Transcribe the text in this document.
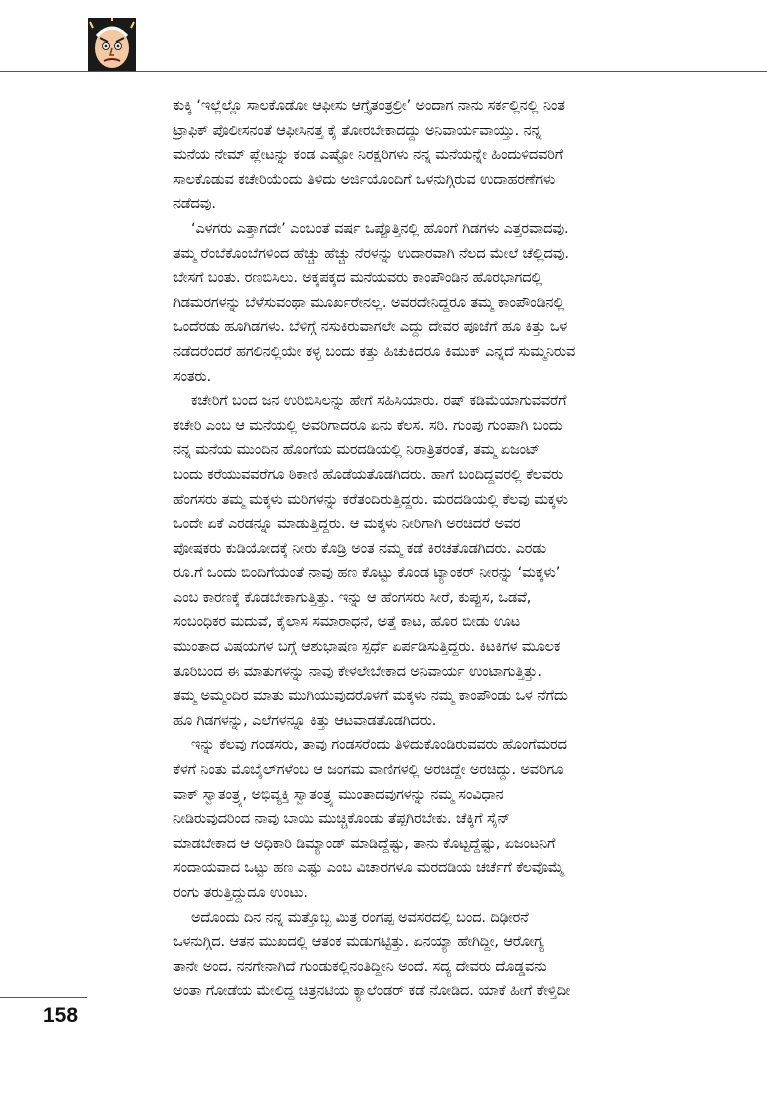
ಕುಕ್ಕಿ ‘ಇಲ್ಲೆಲ್ಲೊ ಸಾಲಕೊಡೋ ಆಫೀಸು ಆಗ್ತೈತಂತ್ರಲ್ರೀ’ ಅಂದಾಗ ನಾನು ಸರ್ಕಲ್ಲಿನಲ್ಲಿ ನಿಂತ
ಟ್ರಾಫಿಕ್ ಪೊಲೀಸನಂತೆ ಆಫೀಸಿನತ್ತ ಕೈ ತೋರಬೇಕಾದದ್ದು ಅನಿವಾರ್ಯವಾಯ್ತು. ನನ್ನ
ಮನೆಯ ನೇಮ್ ಪ್ಲೇಟನ್ನು ಕಂಡ ಎಷ್ಟೋ ನಿರಕ್ಷರಿಗಳು ನನ್ನ ಮನೆಯನ್ನೇ ಹಿಂದುಳಿದವರಿಗೆ
ಸಾಲಕೊಡುವ ಕಚೇರಿಯೆಂದು ತಿಳಿದು ಅರ್ಜಿಯೊಂದಿಗೆ ಒಳನುಗ್ಗಿರುವ ಉದಾಹರಣೆಗಳು
ನಡೆದವು.

‘ಎಳಗರು ಎತ್ತಾಗದೇ’ ಎಂಬಂತೆ ವರ್ಷ ಒಪ್ಪೊತ್ತಿನಲ್ಲಿ ಹೊಂಗೆ ಗಿಡಗಳು ಎತ್ತರವಾದವು.
ತಮ್ಮ ರೆಂಬೆಕೊಂಬೆಗಳಿಂದ ಹೆಚ್ಚು ಹೆಚ್ಚು ನೆರಳನ್ನು ಉದಾರವಾಗಿ ನೆಲದ ಮೇಲೆ ಚೆಲ್ಲಿದವು.
ಬೇಸಗೆ ಬಂತು. ರಣಬಿಸಿಲು. ಅಕ್ಕಪಕ್ಕದ ಮನೆಯವರು ಕಾಂಪೌಂಡಿನ ಹೊರಭಾಗದಲ್ಲಿ
ಗಿಡಮರಗಳನ್ನು ಬೆಳೆಸುವಂಥಾ ಮೂರ್ಖರೇನಲ್ಲ. ಅವರದೇನಿದ್ದರೂ ತಮ್ಮ ಕಾಂಪೌಂಡಿನಲ್ಲಿ
ಒಂದೆರಡು ಹೂಗಿಡಗಳು. ಬೆಳಿಗ್ಗೆ ನಸುಕಿರುವಾಗಲೇ ಎದ್ದು ದೇವರ ಪೂಜೆಗೆ ಹೂ ಕಿತ್ತು ಒಳ
ನಡೆದರೆಂದರೆ ಹಗಲಿನಲ್ಲಿಯೇ ಕಳ್ಳ ಬಂದು ಕತ್ತು ಹಿಚುಕಿದರೂ ಕಿಮುಕ್ ಎನ್ನದೆ ಸುಮ್ಮನಿರುವ
ಸಂತರು.

ಕಚೇರಿಗೆ ಬಂದ ಜನ ಉರಿಬಿಸಿಲನ್ನು ಹೇಗೆ ಸಹಿಸಿಯಾರು. ರಷ್ ಕಡಿಮೆಯಾಗುವವರೆಗೆ
ಕಚೇರಿ ಎಂಬ ಆ ಮನೆಯಲ್ಲಿ ಅವರಿಗಾದರೂ ಏನು ಕೆಲಸ. ಸರಿ. ಗುಂಪು ಗುಂಪಾಗಿ ಬಂದು
ನನ್ನ ಮನೆಯ ಮುಂದಿನ ಹೊಂಗೆಯ ಮರದಡಿಯಲ್ಲಿ ನಿರಾತ್ರಿತರಂತೆ, ತಮ್ಮ ಏಜಂಟ್
ಬಂದು ಕರೆಯುವವರೆಗೂ ಠಿಕಾಣಿ ಹೊಡೆಯತೊಡಗಿದರು. ಹಾಗೆ ಬಂದಿದ್ದವರಲ್ಲಿ ಕೆಲವರು
ಹೆಂಗಸರು ತಮ್ಮ ಮಕ್ಕಳು ಮರಿಗಳನ್ನು ಕರೆತಂದಿರುತ್ತಿದ್ದರು. ಮರದಡಿಯಲ್ಲಿ ಕೆಲವು ಮಕ್ಕಳು
ಒಂದೇ ಏಕೆ ಎರಡನ್ನೂ ಮಾಡುತ್ತಿದ್ದರು. ಆ ಮಕ್ಕಳು ನೀರಿಗಾಗಿ ಅರಚಿದರೆ ಅವರ
ಪೋಷಕರು ಕುಡಿಯೋದಕ್ಕೆ ನೀರು ಕೊಡ್ರಿ ಅಂತ ನಮ್ಮ ಕಡೆ ಕಿರಚತೊಡಗಿದರು. ಎರಡು
ರೂ.ಗೆ ಒಂದು ಬಿಂದಿಗೆಯಂತೆ ನಾವು ಹಣ ಕೊಟ್ಟು ಕೊಂಡ ಟ್ಯಾಂಕರ್ ನೀರನ್ನು ‘ಮಕ್ಕಳು’
ಎಂಬ ಕಾರಣಕ್ಕೆ ಕೊಡಬೇಕಾಗುತ್ತಿತ್ತು. ಇನ್ನು ಆ ಹೆಂಗಸರು ಸೀರೆ, ಕುಪ್ಪುಸ, ಒಡವೆ,
ಸಂಬಂಧಿಕರ ಮದುವೆ, ಕೈಲಾಸ ಸಮಾರಾಧನೆ, ಅತ್ತೆ ಕಾಟ, ಹೊರ ಬೀಡು ಊಟ
ಮುಂತಾದ ವಿಷಯಗಳ ಬಗ್ಗೆ ಆಶುಭಾಷಣ ಸ್ಪರ್ಧೆ ಏರ್ಪಡಿಸುತ್ತಿದ್ದರು. ಕಿಟಕಿಗಳ ಮೂಲಕ
ತೂರಿಬಂದ ಈ ಮಾತುಗಳನ್ನು ನಾವು ಕೇಳಲೇಬೇಕಾದ ಅನಿವಾರ್ಯ ಉಂಟಾಗುತ್ತಿತ್ತು.
ತಮ್ಮ ಅಮ್ಮಂದಿರ ಮಾತು ಮುಗಿಯುವುದರೊಳಗೆ ಮಕ್ಕಳು ನಮ್ಮ ಕಾಂಪೌಂಡು ಒಳ ನೆಗೆದು
ಹೂ ಗಿಡಗಳನ್ನು, ಎಲೆಗಳನ್ನೂ ಕಿತ್ತು ಆಟವಾಡತೊಡಗಿದರು.

ಇನ್ನು ಕೆಲವು ಗಂಡಸರು, ತಾವು ಗಂಡಸರೆಂದು ತಿಳಿದುಕೊಂಡಿರುವವರು ಹೊಂಗೆಮರದ
ಕೆಳಗೆ ನಿಂತು ಮೊಬೈಲ್‌ಗಳೆಂಬ ಆ ಜಂಗಮ ವಾಣಿಗಳಲ್ಲಿ ಅರಚಿದ್ದೇ ಅರಚಿದ್ದು. ಅವರಿಗೂ
ವಾಕ್ ಸ್ವಾತಂತ್ರ್ಯ, ಅಭಿವ್ಯಕ್ತಿ ಸ್ವಾತಂತ್ರ್ಯ ಮುಂತಾದವುಗಳನ್ನು ನಮ್ಮ ಸಂವಿಧಾನ
ನೀಡಿರುವುದರಿಂದ ನಾವು ಬಾಯಿ ಮುಚ್ಚಿಕೊಂಡು ತೆಪ್ಪಗಿರಬೇಕು. ಚೆಕ್ಕಿಗೆ ಸೈನ್
ಮಾಡಬೇಕಾದ ಆ ಅಧಿಕಾರಿ ಡಿಮ್ಯಾಂಡ್ ಮಾಡಿದ್ದೆಷ್ಟು, ತಾನು ಕೊಟ್ಟದ್ದೆಷ್ಟು, ಏಜಂಟನಿಗೆ
ಸಂದಾಯವಾದ ಒಟ್ಟು ಹಣ ಎಷ್ಟು ಎಂಬ ವಿಚಾರಗಳೂ ಮರದಡಿಯ ಚರ್ಚೆಗೆ ಕೆಲವೊಮ್ಮೆ
ರಂಗು ತರುತ್ತಿದ್ದುದೂ ಉಂಟು.

ಅದೊಂದು ದಿನ ನನ್ನ ಮತ್ತೊಬ್ಬ ಮಿತ್ರ ರಂಗಪ್ಪ ಅವಸರದಲ್ಲಿ ಬಂದ. ದಿಢೀರನೆ
ಒಳನುಗ್ಗಿದ. ಆತನ ಮುಖದಲ್ಲಿ ಆತಂಕ ಮಡುಗಟ್ಟಿತ್ತು. ಏನಯ್ಯಾ ಹೇಗಿದ್ದೀ, ಆರೋಗ್ಯ
ತಾನೇ ಅಂದ. ನನಗೇನಾಗಿದೆ ಗುಂಡುಕಲ್ಲಿನಂತಿದ್ದೀನಿ ಅಂದೆ. ಸದ್ಯ ದೇವರು ದೊಡ್ಡವನು
ಅಂತಾ ಗೋಡೆಯ ಮೇಲಿದ್ದ ಚಿತ್ರನಟಿಯ ಕ್ಯಾಲೆಂಡರ್ ಕಡೆ ನೋಡಿದ. ಯಾಕೆ ಹೀಗೆ ಕೇಳ್ತಿದೀ

158
